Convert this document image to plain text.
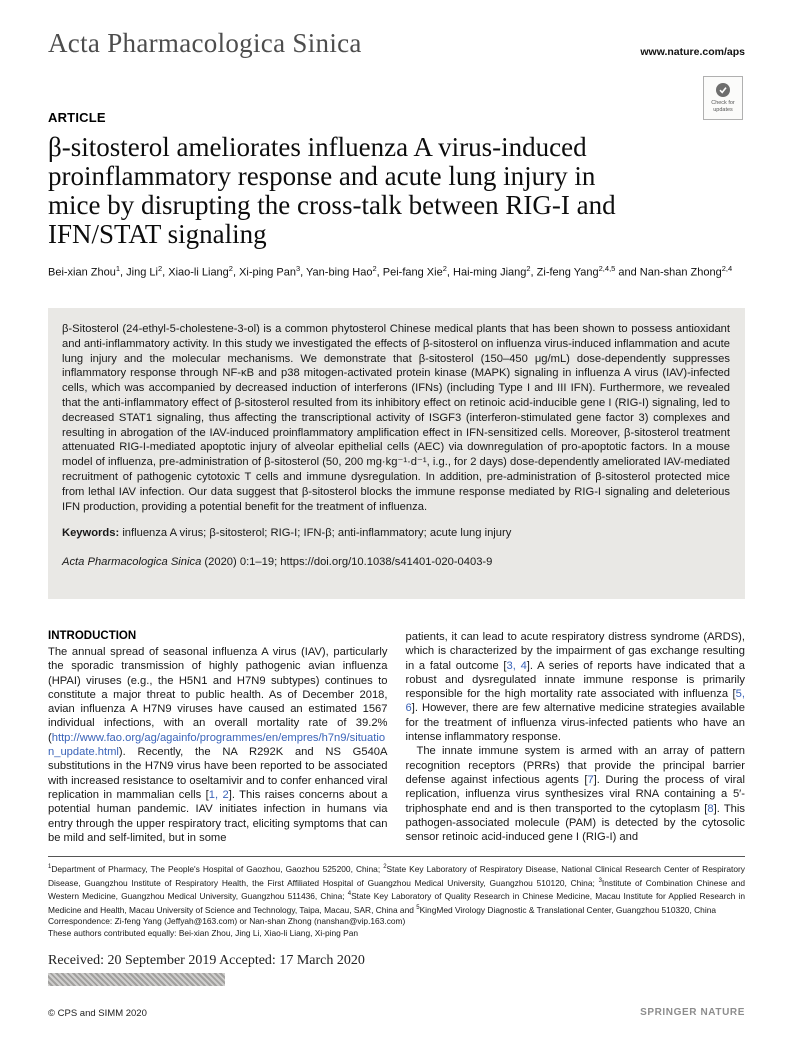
Acta Pharmacologica Sinica	www.nature.com/aps
Check for updates
ARTICLE
β-sitosterol ameliorates influenza A virus-induced proinflammatory response and acute lung injury in mice by disrupting the cross-talk between RIG-I and IFN/STAT signaling
Bei-xian Zhou$^1$, Jing Li$^2$, Xiao-li Liang$^2$, Xi-ping Pan$^3$, Yan-bing Hao$^2$, Pei-fang Xie$^2$, Hai-ming Jiang$^2$, Zi-feng Yang$^{2,4,5}$ and Nan-shan Zhong$^{2,4}$

β-Sitosterol (24-ethyl-5-cholestene-3-ol) is a common phytosterol Chinese medical plants that has been shown to possess antioxidant and anti-inflammatory activity. In this study we investigated the effects of β-sitosterol on influenza virus-induced inflammation and acute lung injury and the molecular mechanisms. We demonstrate that β-sitosterol (150–450 μg/mL) dose-dependently suppresses inflammatory response through NF-κB and p38 mitogen-activated protein kinase (MAPK) signaling in influenza A virus (IAV)-infected cells, which was accompanied by decreased induction of interferons (IFNs) (including Type I and III IFN). Furthermore, we revealed that the anti-inflammatory effect of β-sitosterol resulted from its inhibitory effect on retinoic acid-inducible gene I (RIG-I) signaling, led to decreased STAT1 signaling, thus affecting the transcriptional activity of ISGF3 (interferon-stimulated gene factor 3) complexes and resulting in abrogation of the IAV-induced proinflammatory amplification effect in IFN-sensitized cells. Moreover, β-sitosterol treatment attenuated RIG-I-mediated apoptotic injury of alveolar epithelial cells (AEC) via downregulation of pro-apoptotic factors. In a mouse model of influenza, pre-administration of β-sitosterol (50, 200 mg·kg⁻¹·d⁻¹, i.g., for 2 days) dose-dependently ameliorated IAV-mediated recruitment of pathogenic cytotoxic T cells and immune dysregulation. In addition, pre-administration of β-sitosterol protected mice from lethal IAV infection. Our data suggest that β-sitosterol blocks the immune response mediated by RIG-I signaling and deleterious IFN production, providing a potential benefit for the treatment of influenza.

Keywords: influenza A virus; β-sitosterol; RIG-I; IFN-β; anti-inflammatory; acute lung injury

Acta Pharmacologica Sinica (2020) 0:1–19; https://doi.org/10.1038/s41401-020-0403-9

INTRODUCTION

The annual spread of seasonal influenza A virus (IAV), particularly the sporadic transmission of highly pathogenic avian influenza (HPAI) viruses (e.g., the H5N1 and H7N9 subtypes) continues to constitute a major threat to public health. As of December 2018, avian influenza A H7N9 viruses have caused an estimated 1567 individual infections, with an overall mortality rate of 39.2% (http://www.fao.org/ag/againfo/programmes/en/empres/h7n9/situation_update.html). Recently, the NA R292K and NS G540A substitutions in the H7N9 virus have been reported to be associated with increased resistance to oseltamivir and to confer enhanced viral replication in mammalian cells [1, 2]. This raises concerns about a potential human pandemic. IAV initiates infection in humans via entry through the upper respiratory tract, eliciting symptoms that can be mild and self-limited, but in some

patients, it can lead to acute respiratory distress syndrome (ARDS), which is characterized by the impairment of gas exchange resulting in a fatal outcome [3, 4]. A series of reports have indicated that a robust and dysregulated innate immune response is primarily responsible for the high mortality rate associated with influenza [5, 6]. However, there are few alternative medicine strategies available for the treatment of influenza virus-infected patients who have an intense inflammatory response.

The innate immune system is armed with an array of pattern recognition receptors (PRRs) that provide the principal barrier defense against infectious agents [7]. During the process of viral replication, influenza virus synthesizes viral RNA containing a 5′-triphosphate end and is then transported to the cytoplasm [8]. This pathogen-associated molecule (PAM) is detected by the cytosolic sensor retinoic acid-induced gene I (RIG-I) and

$^1$Department of Pharmacy, The People's Hospital of Gaozhou, Gaozhou 525200, China; $^2$State Key Laboratory of Respiratory Disease, National Clinical Research Center of Respiratory Disease, Guangzhou Institute of Respiratory Health, the First Affiliated Hospital of Guangzhou Medical University, Guangzhou 510120, China; $^3$Institute of Combination Chinese and Western Medicine, Guangzhou Medical University, Guangzhou 511436, China; $^4$State Key Laboratory of Quality Research in Chinese Medicine, Macau Institute for Applied Research in Medicine and Health, Macau University of Science and Technology, Taipa, Macau, SAR, China and $^5$KingMed Virology Diagnostic & Translational Center, Guangzhou 510320, China

Correspondence: Zi-feng Yang (Jeffyah@163.com) or Nan-shan Zhong (nanshan@vip.163.com)

These authors contributed equally: Bei-xian Zhou, Jing Li, Xiao-li Liang, Xi-ping Pan

Received: 20 September 2019 Accepted: 17 March 2020
© CPS and SIMM 2020	SPRINGER NATURE
